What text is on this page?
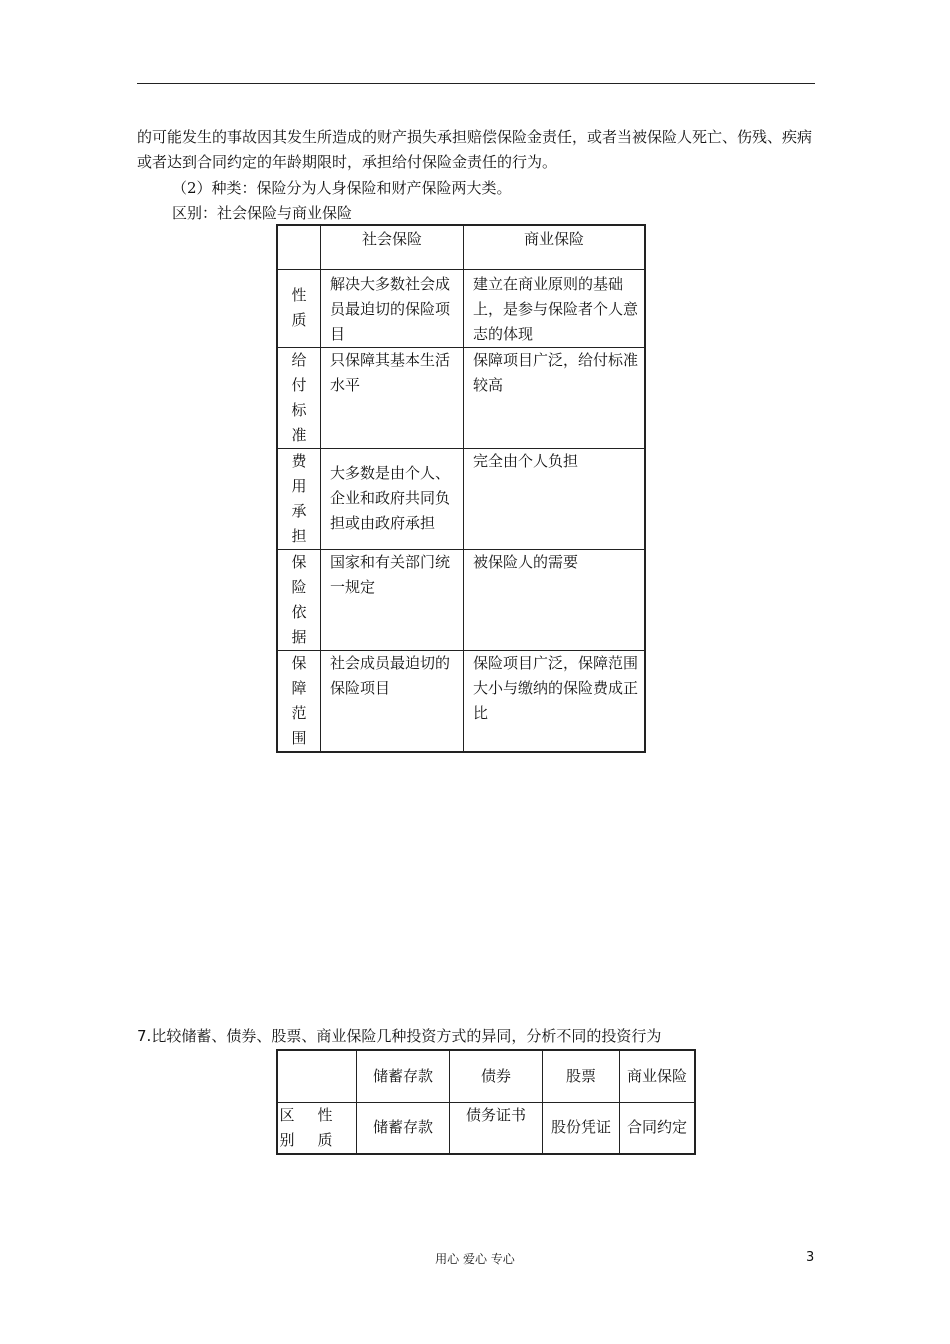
的可能发生的事故因其发生所造成的财产损失承担赔偿保险金责任，或者当被保险人死亡、伤残、疾病或者达到合同约定的年龄期限时，承担给付保险金责任的行为。
（2）种类：保险分为人身保险和财产保险两大类。
区别：社会保险与商业保险
	社会保险	商业保险
性
质	解决大多数社会成员最迫切的保险项目	建立在商业原则的基础上，是参与保险者个人意志的体现
给
付
标
准	只保障其基本生活水平	保障项目广泛，给付标准较高
费
用
承
担	大多数是由个人、企业和政府共同负担或由政府承担	完全由个人负担
保
险
依
据	国家和有关部门统一规定	被保险人的需要
保
障
范
围	社会成员最迫切的保险项目	保险项目广泛，保障范围大小与缴纳的保险费成正比
7.比较储蓄、债券、股票、商业保险几种投资方式的异同，分析不同的投资行为
		储蓄存款	债券	股票	商业保险
区别	性质	储蓄存款	债务证书	股份凭证	合同约定
用心 爱心 专心	3
